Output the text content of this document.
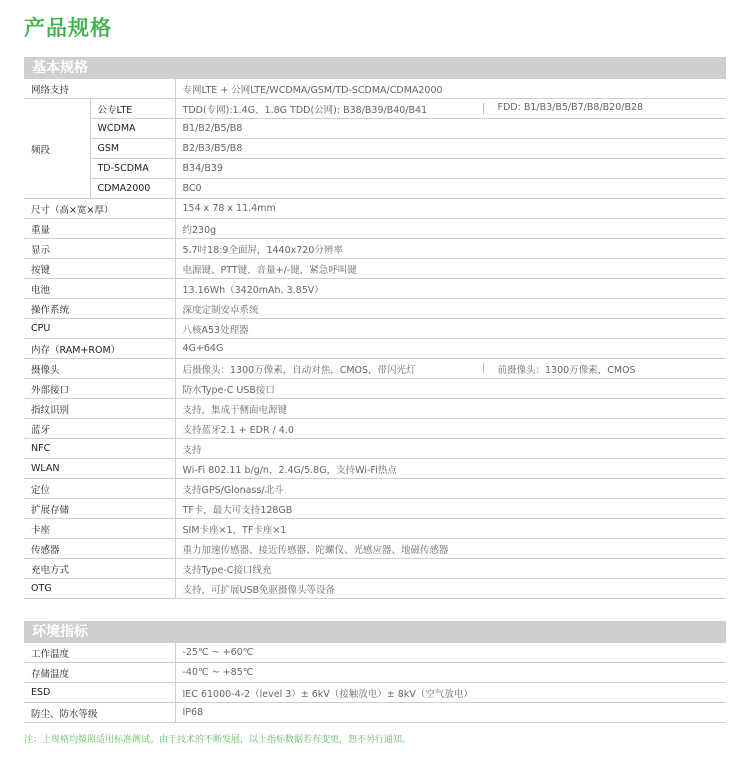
产品规格
基本规格
网络支持		专网LTE + 公网LTE/WCDMA/GSM/TD-SCDMA/CDMA2000
频段	公专LTE	TDD(专网):1.4G、1.8G TDD(公网): B38/B39/B40/B41 FDD: B1/B3/B5/B7/B8/B20/B28

	WCDMA	B1/B2/B5/B8
	GSM	B2/B3/B5/B8
	TD-SCDMA	B34/B39
	CDMA2000	BC0
尺寸（高×宽×厚）		154 x 78 x 11.4mm
重量		约230g
显示		5.7吋18:9全面屏，1440x720分辨率
按键		电源键、PTT键、音量+/-键，紧急呼叫键
电池		13.16Wh（3420mAh, 3.85V）
操作系统		深度定制安卓系统
CPU		八核A53处理器
内存（RAM+ROM）		4G+64G
摄像头		后摄像头：1300万像素，自动对焦，CMOS，带闪光灯 前摄像头：1300万像素，CMOS

外部接口		防水Type-C USB接口
指纹识别		支持，集成于侧面电源键
蓝牙		支持蓝牙2.1 + EDR / 4.0
NFC		支持
WLAN		Wi-Fi 802.11 b/g/n，2.4G/5.8G，支持Wi-Fi热点
定位		支持GPS/Glonass/北斗
扩展存储		TF卡，最大可支持128GB
卡座		SIM卡座×1，TF卡座×1
传感器		重力加速传感器、接近传感器、陀螺仪、光感应器、地磁传感器
充电方式		支持Type-C接口线充
OTG		支持，可扩展USB免驱摄像头等设备
环境指标
工作温度	-25℃ ~ +60℃
存储温度	-40℃ ~ +85℃
ESD	IEC 61000-4-2（level 3）± 6kV（接触放电）± 8kV（空气放电）
防尘、防水等级	IP68
注：上规格均按照适用标准测试。由于技术的不断发展，以上指标数据若有变更，恕不另行通知。
